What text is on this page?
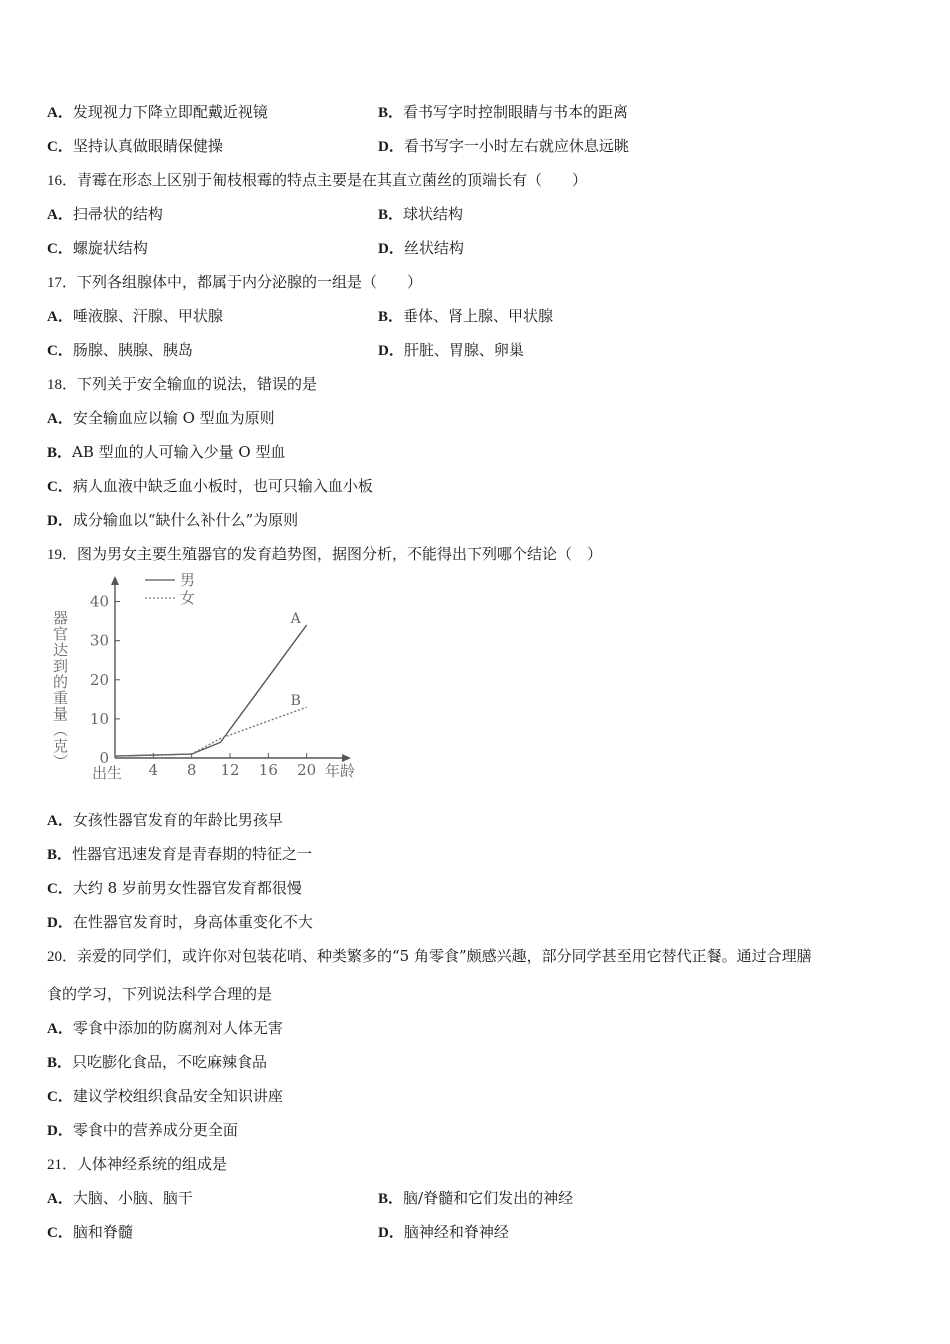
A．发现视力下降立即配戴近视镜	B．看书写字时控制眼睛与书本的距离
C．坚持认真做眼睛保健操	D．看书写字一小时左右就应休息远眺
16．青霉在形态上区别于匍枝根霉的特点主要是在其直立菌丝的顶端长有（　　）
A．扫帚状的结构	B．球状结构
C．螺旋状结构	D．丝状结构
17．下列各组腺体中，都属于内分泌腺的一组是（　　）
A．唾液腺、汗腺、甲状腺	B．垂体、肾上腺、甲状腺
C．肠腺、胰腺、胰岛	D．肝脏、胃腺、卵巢
18．下列关于安全输血的说法，错误的是
A．安全输血应以输 O 型血为原则
B．AB 型血的人可输入少量 O 型血
C．病人血液中缺乏血小板时，也可只输入血小板
D．成分输血以“缺什么补什么”为原则
19．图为男女主要生殖器官的发育趋势图，据图分析，不能得出下列哪个结论（　）
器官达到的重量（克）
年龄
出生
男
女
0
10
20
30
40
4 8 12 16 20
A
B
A．女孩性器官发育的年龄比男孩早
B．性器官迅速发育是青春期的特征之一
C．大约 8 岁前男女性器官发育都很慢
D．在性器官发育时，身高体重变化不大
20．亲爱的同学们，或许你对包装花哨、种类繁多的“5 角零食”颇感兴趣，部分同学甚至用它替代正餐。通过合理膳
食的学习，下列说法科学合理的是
A．零食中添加的防腐剂对人体无害
B．只吃膨化食品，不吃麻辣食品
C．建议学校组织食品安全知识讲座
D．零食中的营养成分更全面
21．人体神经系统的组成是
A．大脑、小脑、脑干	B．脑/脊髓和它们发出的神经
C．脑和脊髓	D．脑神经和脊神经
